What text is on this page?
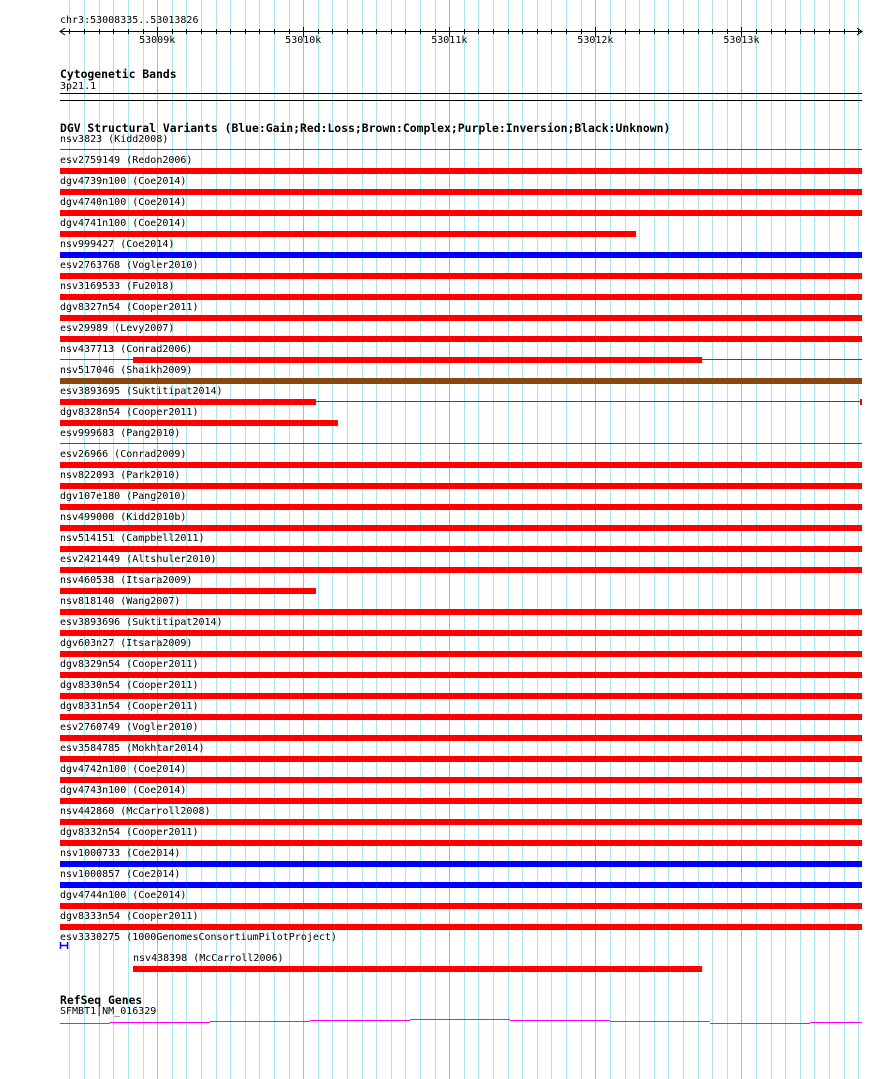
chr3:53008335..53013826
53009k	53010k	53011k	53012k	53013k
Cytogenetic Bands
3p21.1
DGV Structural Variants (Blue:Gain;Red:Loss;Brown:Complex;Purple:Inversion;Black:Unknown)
nsv3823 (Kidd2008)
esv2759149 (Redon2006)
dgv4739n100 (Coe2014)
dgv4740n100 (Coe2014)
dgv4741n100 (Coe2014)
nsv999427 (Coe2014)
esv2763768 (Vogler2010)
nsv3169533 (Fu2018)
dgv8327n54 (Cooper2011)
esv29989 (Levy2007)
nsv437713 (Conrad2006)
nsv517046 (Shaikh2009)
esv3893695 (Suktitipat2014)
dgv8328n54 (Cooper2011)
esv999683 (Pang2010)
esv26966 (Conrad2009)
nsv822093 (Park2010)
dgv107e180 (Pang2010)
nsv499000 (Kidd2010b)
nsv514151 (Campbell2011)
esv2421449 (Altshuler2010)
nsv460538 (Itsara2009)
nsv818140 (Wang2007)
esv3893696 (Suktitipat2014)
dgv603n27 (Itsara2009)
dgv8329n54 (Cooper2011)
dgv8330n54 (Cooper2011)
dgv8331n54 (Cooper2011)
esv2760749 (Vogler2010)
esv3584785 (Mokhtar2014)
dgv4742n100 (Coe2014)
dgv4743n100 (Coe2014)
nsv442860 (McCarroll2008)
dgv8332n54 (Cooper2011)
nsv1000733 (Coe2014)
nsv1000857 (Coe2014)
dgv4744n100 (Coe2014)
dgv8333n54 (Cooper2011)
esv3330275 (1000GenomesConsortiumPilotProject)
nsv438398 (McCarroll2006)
RefSeq Genes
SFMBT1|NM_016329
